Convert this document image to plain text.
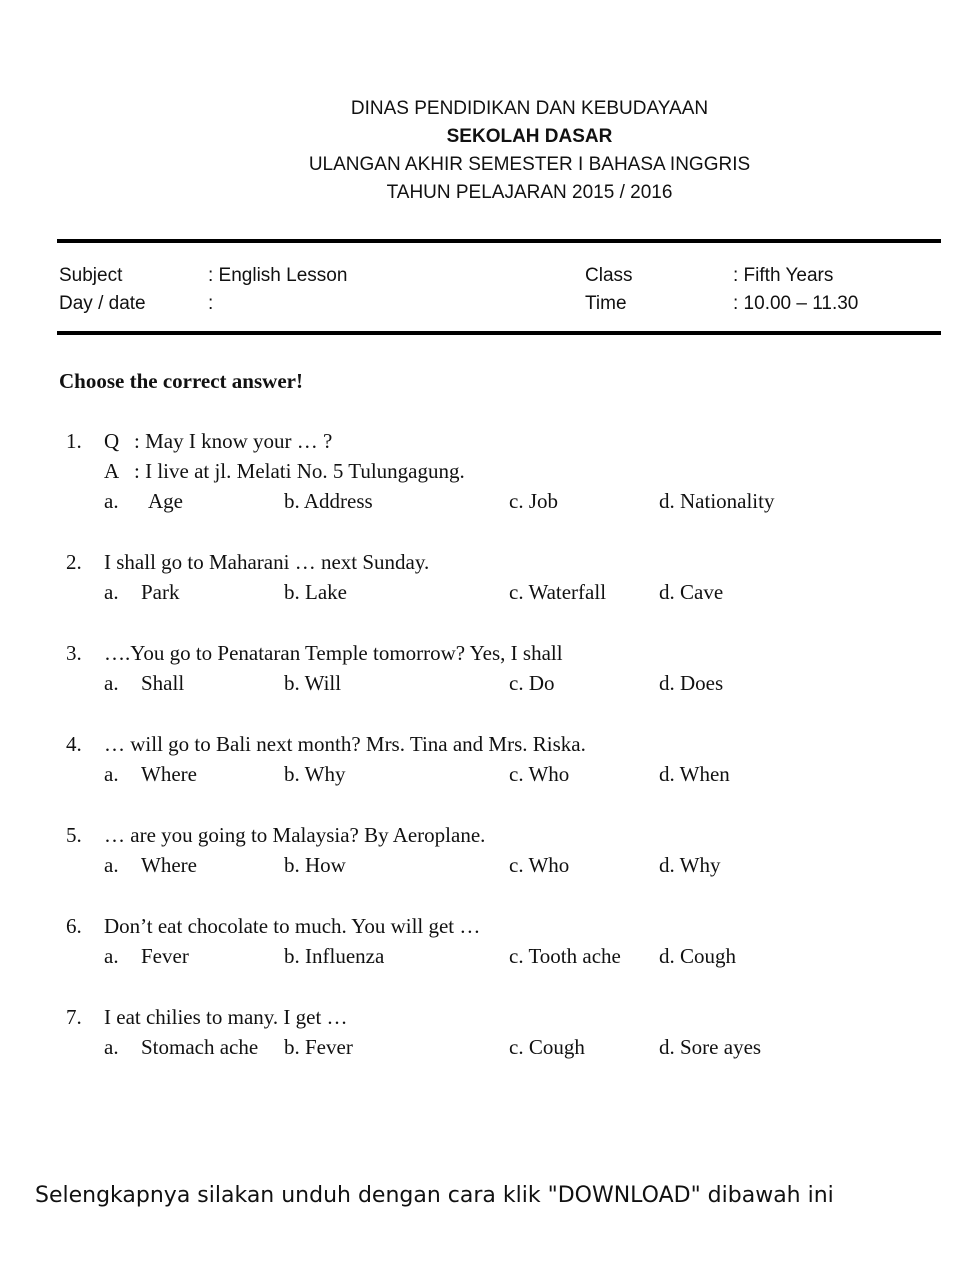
DINAS PENDIDIKAN DAN KEBUDAYAAN
SEKOLAH DASAR
ULANGAN AKHIR SEMESTER I BAHASA INGGRIS
TAHUN PELAJARAN 2015 / 2016
Subject	: English Lesson
Day / date	:
Class	: Fifth Years
Time	: 10.00 – 11.30
Choose the correct answer!
1. Q : May I know your … ?
A : I live at jl. Melati No. 5 Tulungagung.
a. Age	b. Address	c. Job	d. Nationality
2. I shall go to Maharani … next Sunday.
a. Park	b. Lake	c. Waterfall	d. Cave
3. ….You go to Penataran Temple tomorrow? Yes, I shall
a. Shall	b. Will	c. Do	d. Does
4. … will go to Bali next month? Mrs. Tina and Mrs. Riska.
a. Where	b. Why	c. Who	d. When
5. … are you going to Malaysia? By Aeroplane.
a. Where	b. How	c. Who	d. Why
6. Don’t eat chocolate to much. You will get …
a. Fever	b. Influenza	c. Tooth ache d. Cough
7. I eat chilies to many. I get …
a. Stomach ache b. Fever	c. Cough	d. Sore ayes
Selengkapnya silakan unduh dengan cara klik "DOWNLOAD" dibawah ini
